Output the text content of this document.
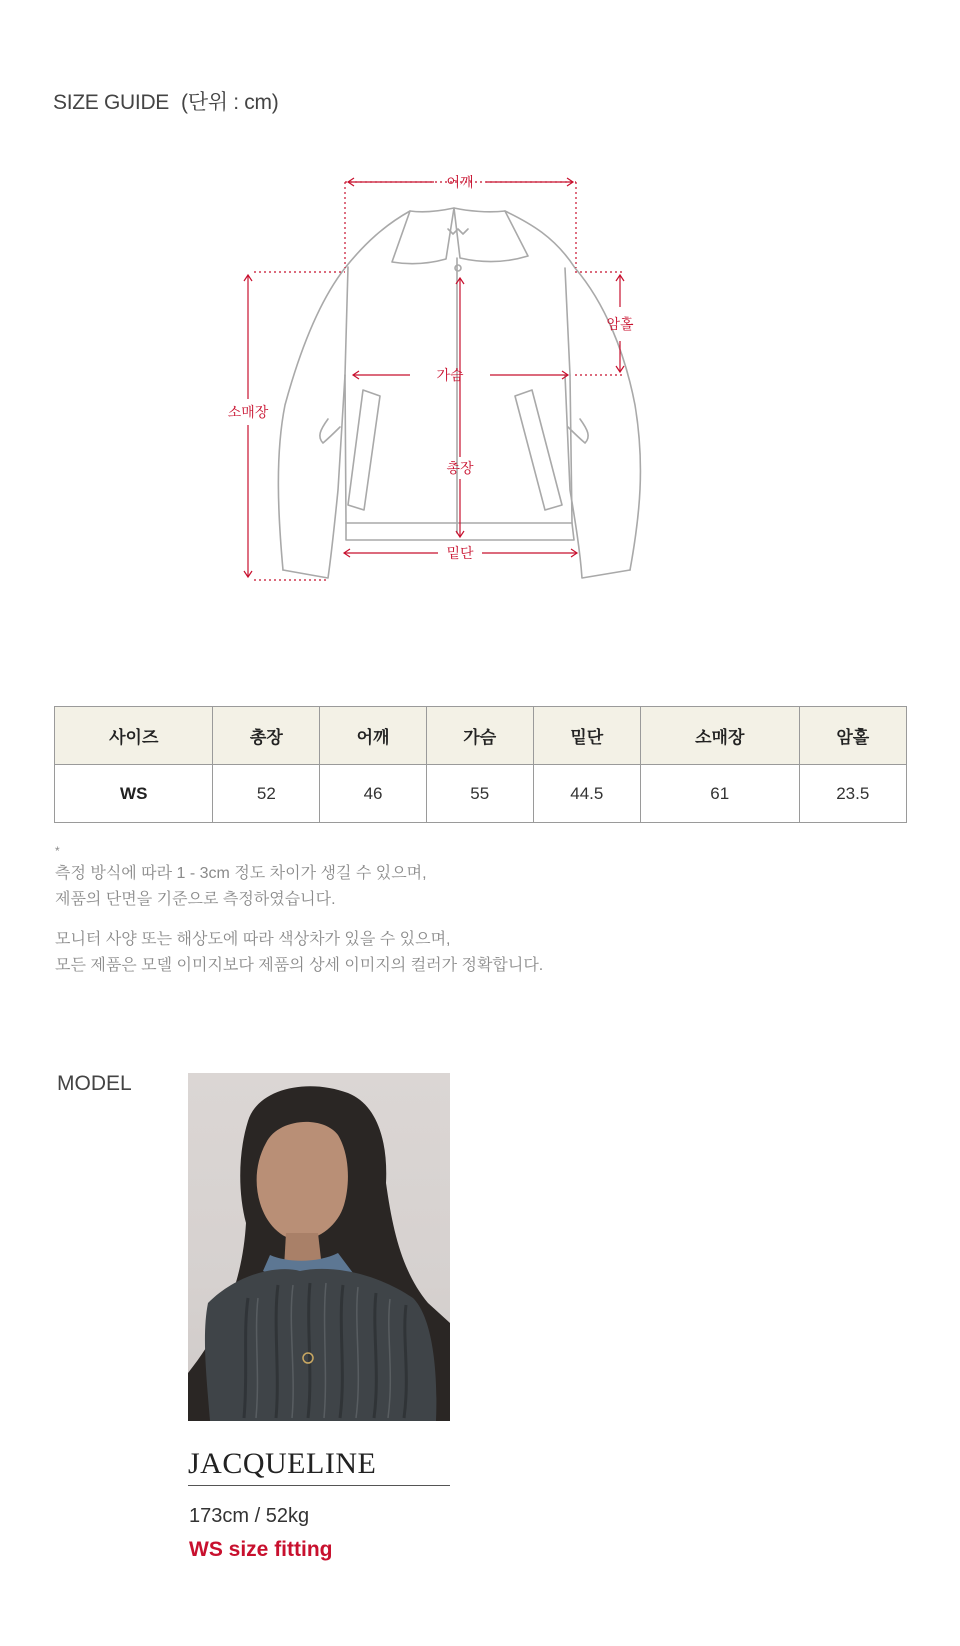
SIZE GUIDE (단위 : cm)
어깨
암홀
가슴
소매장
총장
밑단
사이즈	총장	어깨	가슴	밑단	소매장	암홀
WS	52	46	55	44.5	61	23.5
*

측정 방식에 따라 1 - 3cm 정도 차이가 생길 수 있으며,

제품의 단면을 기준으로 측정하였습니다.

모니터 사양 또는 해상도에 따라 색상차가 있을 수 있으며,

모든 제품은 모델 이미지보다 제품의 상세 이미지의 컬러가 정확합니다.

MODEL
JACQUELINE
173cm / 52kg
WS size fitting
